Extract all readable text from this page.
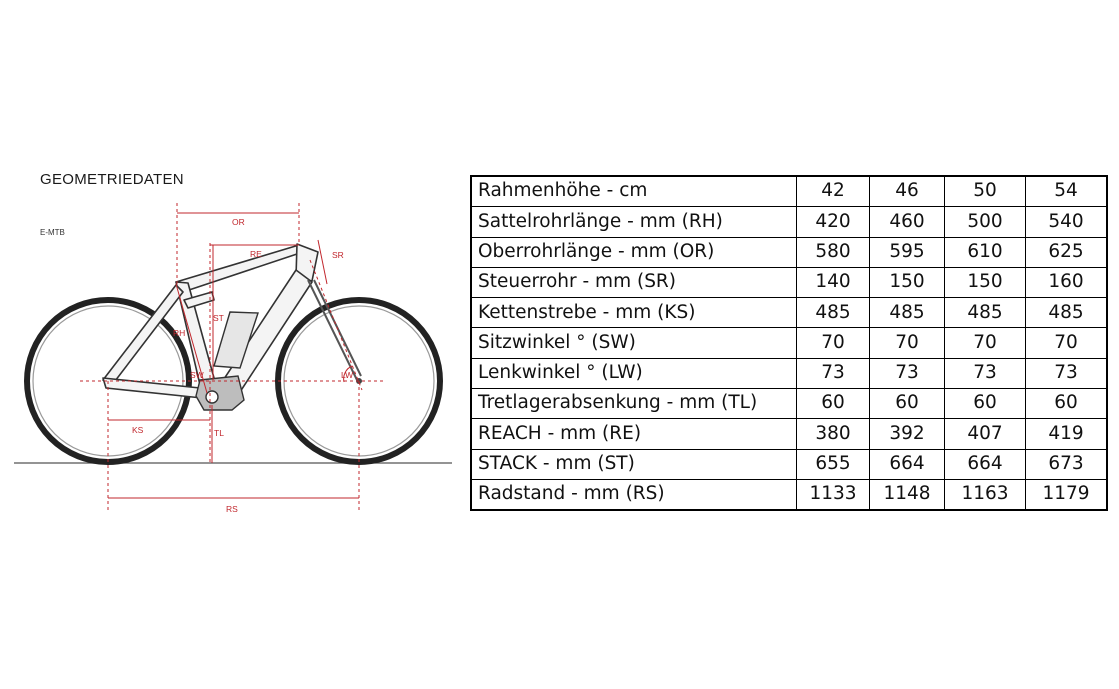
GEOMETRIEDATEN
E-MTB
OR
RE	SR
RH
ST
SW	LW
KS	TL
RS
Rahmenhöhe - cm	42	46	50	54
Sattelrohrlänge - mm (RH)	420	460	500	540
Oberrohrlänge - mm (OR)	580	595	610	625
Steuerrohr - mm (SR)	140	150	150	160
Kettenstrebe - mm (KS)	485	485	485	485
Sitzwinkel ° (SW)	70	70	70	70
Lenkwinkel ° (LW)	73	73	73	73
Tretlagerabsenkung - mm (TL)	60	60	60	60
REACH - mm (RE)	380	392	407	419
STACK - mm (ST)	655	664	664	673
Radstand - mm (RS)	1133	1148	1163	1179
